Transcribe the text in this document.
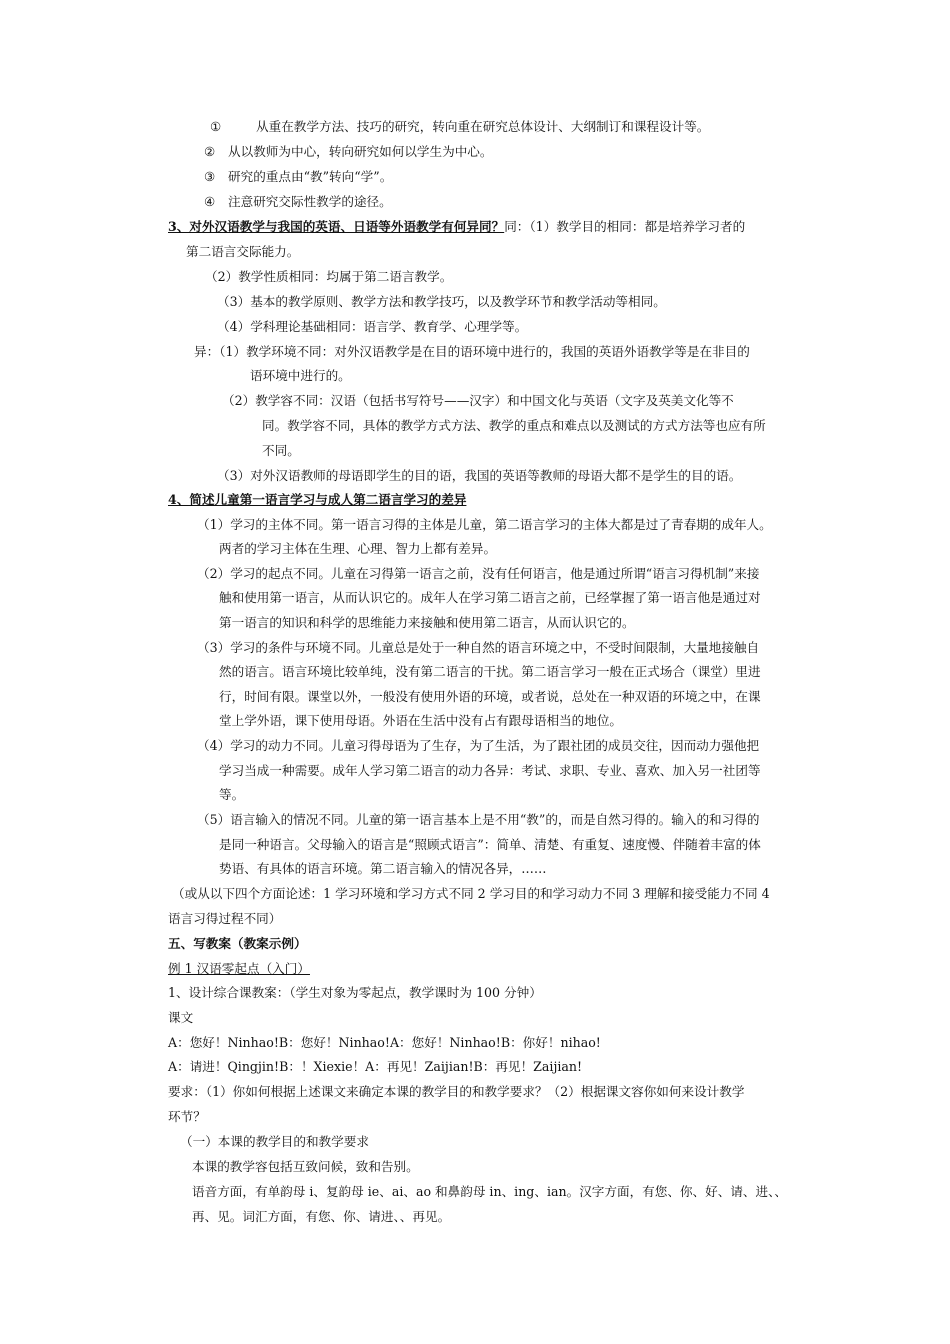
①	从重在教学方法、技巧的研究，转向重在研究总体设计、大纲制订和课程设计等。
② 从以教师为中心，转向研究如何以学生为中心。
③ 研究的重点由“教”转向“学”。
④ 注意研究交际性教学的途径。
3、对外汉语教学与我国的英语、日语等外语教学有何异同？同：（1）教学目的相同：都是培养学习者的
第二语言交际能力。
（2）教学性质相同：均属于第二语言教学。
（3）基本的教学原则、教学方法和教学技巧，以及教学环节和教学活动等相同。
（4）学科理论基础相同：语言学、教育学、心理学等。
异：（1）教学环境不同：对外汉语教学是在目的语环境中进行的，我国的英语外语教学等是在非目的
语环境中进行的。
（2）教学容不同：汉语（包括书写符号——汉字）和中国文化与英语（文字及英美文化等不
同。教学容不同，具体的教学方式方法、教学的重点和难点以及测试的方式方法等也应有所
不同。
（3）对外汉语教师的母语即学生的目的语，我国的英语等教师的母语大都不是学生的目的语。
4、简述儿童第一语言学习与成人第二语言学习的差异
（1）学习的主体不同。第一语言习得的主体是儿童，第二语言学习的主体大都是过了青春期的成年人。
两者的学习主体在生理、心理、智力上都有差异。
（2）学习的起点不同。儿童在习得第一语言之前，没有任何语言，他是通过所谓“语言习得机制”来接
触和使用第一语言，从而认识它的。成年人在学习第二语言之前，已经掌握了第一语言他是通过对
第一语言的知识和科学的思维能力来接触和使用第二语言，从而认识它的。
（3）学习的条件与环境不同。儿童总是处于一种自然的语言环境之中，不受时间限制，大量地接触自
然的语言。语言环境比较单纯，没有第二语言的干扰。第二语言学习一般在正式场合（课堂）里进
行，时间有限。课堂以外，一般没有使用外语的环境，或者说，总处在一种双语的环境之中，在课
堂上学外语，课下使用母语。外语在生活中没有占有跟母语相当的地位。
（4）学习的动力不同。儿童习得母语为了生存，为了生活，为了跟社团的成员交往，因而动力强他把
学习当成一种需要。成年人学习第二语言的动力各异：考试、求职、专业、喜欢、加入另一社团等
等。
（5）语言输入的情况不同。儿童的第一语言基本上是不用“教”的，而是自然习得的。输入的和习得的
是同一种语言。父母输入的语言是“照顾式语言”：简单、清楚、有重复、速度慢、伴随着丰富的体
势语、有具体的语言环境。第二语言输入的情况各异，……
（或从以下四个方面论述：1 学习环境和学习方式不同 2 学习目的和学习动力不同 3 理解和接受能力不同 4
语言习得过程不同）
五、写教案（教案示例）
例 1 汉语零起点（入门）
1、设计综合课教案：（学生对象为零起点，教学课时为 100 分钟）
课文
A：您好！Ninhao!B：您好！Ninhao!A：您好！Ninhao!B：你好！nihao!
A：请进！Qingjin!B：！Xiexie！A：再见！Zaijian!B：再见！Zaijian!
要求：（1）你如何根据上述课文来确定本课的教学目的和教学要求？（2）根据课文容你如何来设计教学
环节？
（一）本课的教学目的和教学要求
本课的教学容包括互致问候，致和告别。
语音方面，有单韵母 i、复韵母 ie、ai、ao 和鼻韵母 in、ing、ian。汉字方面，有您、你、好、请、进、、
再、见。词汇方面，有您、你、请进、、再见。
